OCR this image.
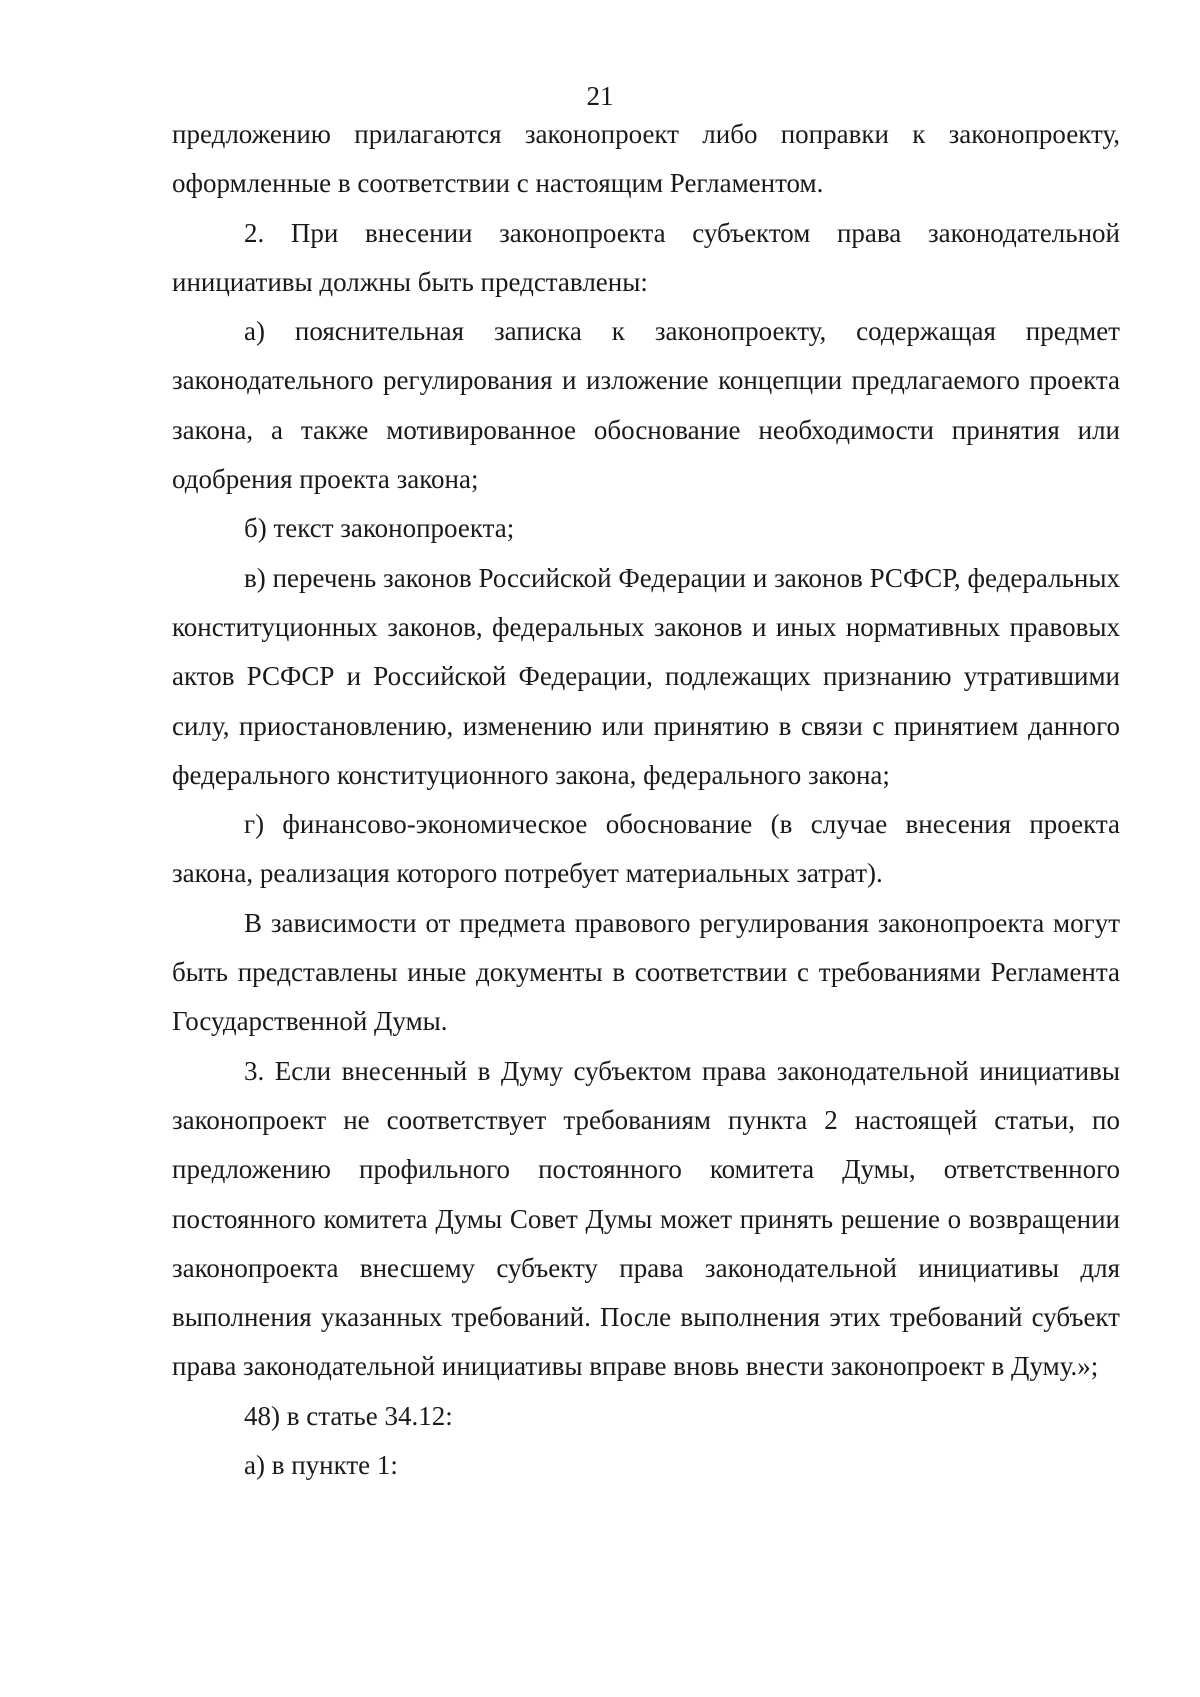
21

предложению прилагаются законопроект либо поправки к законопроекту, оформленные в соответствии с настоящим Регламентом.

2. При внесении законопроекта субъектом права законодательной инициативы должны быть представлены:

а) пояснительная записка к законопроекту, содержащая предмет законодательного регулирования и изложение концепции предлагаемого проекта закона, а также мотивированное обоснование необходимости принятия или одобрения проекта закона;

б) текст законопроекта;

в) перечень законов Российской Федерации и законов РСФСР, федеральных конституционных законов, федеральных законов и иных нормативных правовых актов РСФСР и Российской Федерации, подлежащих признанию утратившими силу, приостановлению, изменению или принятию в связи с принятием данного федерального конституционного закона, федерального закона;

г) финансово-экономическое обоснование (в случае внесения проекта закона, реализация которого потребует материальных затрат).

В зависимости от предмета правового регулирования законопроекта могут быть представлены иные документы в соответствии с требованиями Регламента Государственной Думы.

3. Если внесенный в Думу субъектом права законодательной инициативы законопроект не соответствует требованиям пункта 2 настоящей статьи, по предложению профильного постоянного комитета Думы, ответственного постоянного комитета Думы Совет Думы может принять решение о возвращении законопроекта внесшему субъекту права законодательной инициативы для выполнения указанных требований. После выполнения этих требований субъект права законодательной инициативы вправе вновь внести законопроект в Думу.»;

48) в статье 34.12:

а) в пункте 1:
